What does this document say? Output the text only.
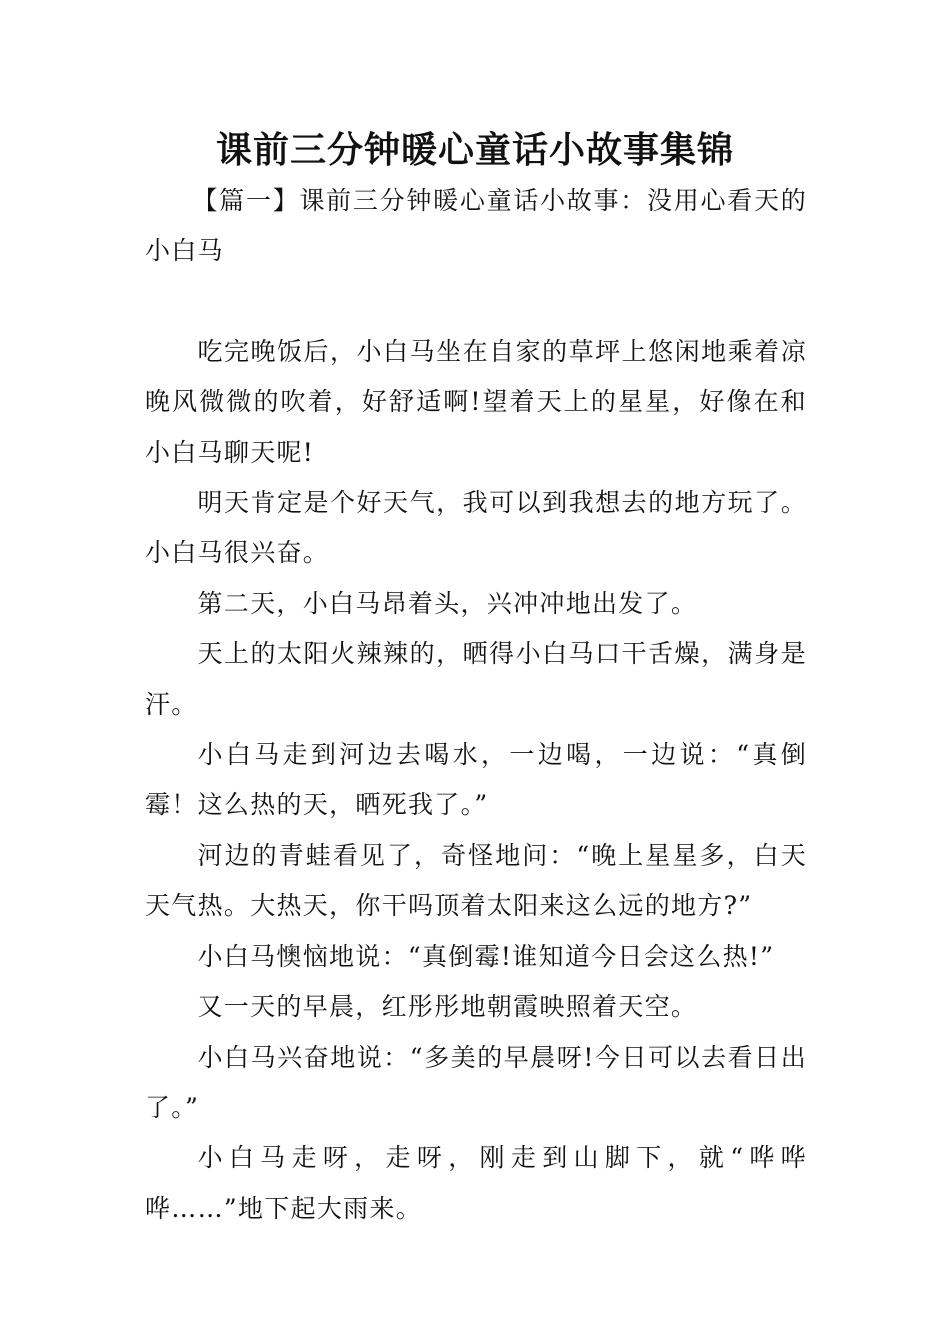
课前三分钟暖心童话小故事集锦

【篇一】课前三分钟暖心童话小故事：没用心看天的小白马

吃完晚饭后，小白马坐在自家的草坪上悠闲地乘着凉晚风微微的吹着，好舒适啊!望着天上的星星，好像在和小白马聊天呢!

明天肯定是个好天气，我可以到我想去的地方玩了。小白马很兴奋。

第二天，小白马昂着头，兴冲冲地出发了。

天上的太阳火辣辣的，晒得小白马口干舌燥，满身是汗。

小白马走到河边去喝水，一边喝，一边说：“真倒霉！这么热的天，晒死我了。”

河边的青蛙看见了，奇怪地问：“晚上星星多，白天天气热。大热天，你干吗顶着太阳来这么远的地方?”

小白马懊恼地说：“真倒霉!谁知道今日会这么热!”

又一天的早晨，红彤彤地朝霞映照着天空。

小白马兴奋地说：“多美的早晨呀!今日可以去看日出了。”

小白马走呀，走呀，刚走到山脚下，就“哗哗哗……”地下起大雨来。
